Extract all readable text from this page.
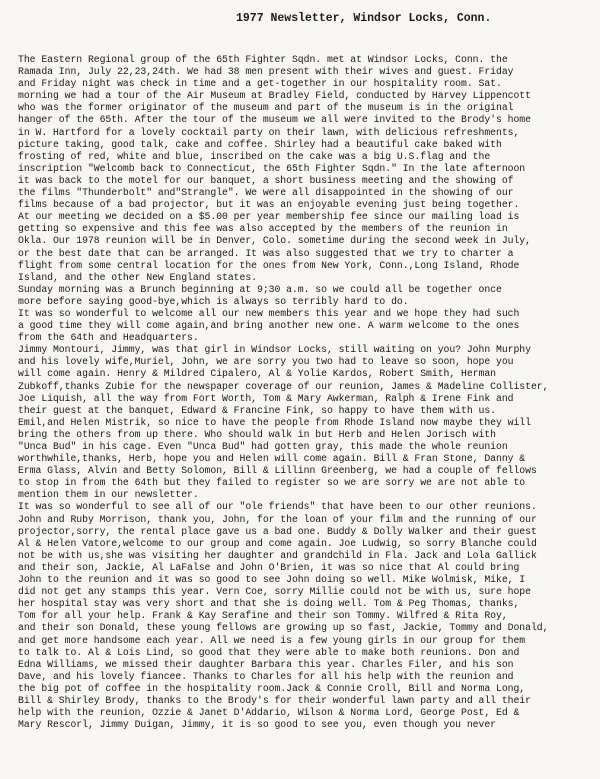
1977 Newsletter, Windsor Locks, Conn.
The Eastern Regional group of the 65th Fighter Sqdn. met at Windsor Locks, Conn. the
Ramada Inn, July 22,23,24th. We had 38 men present with their wives and guest. Friday
and Friday night was check in time and a get-together in our hospitality room. Sat.
morning we had a tour of the Air Museum at Bradley Field, conducted by Harvey Lippencott
who was the former originator of the museum and part of the museum is in the original
hanger of the 65th. After the tour of the museum we all were invited to the Brody's home
in W. Hartford for a lovely cocktail party on their lawn, with delicious refreshments,
picture taking, good talk, cake and coffee. Shirley had a beautiful cake baked with
frosting of red, white and blue, inscribed on the cake was a big U.S.flag and the
inscription "Welcomb back to Connecticut, the 65th Fighter Sqdn." In the late afternoon
it was back to the motel for our banquet, a short business meeting and the showing of
the films "Thunderbolt" and"Strangle". We were all disappointed in the showing of our
films because of a bad projector, but it was an enjoyable evening just being together.
At our meeting we decided on a $5.00 per year membership fee since our mailing load is
getting so expensive and this fee was also accepted by the members of the reunion in
Okla. Our 1978 reunion will be in Denver, Colo. sometime during the second week in July,
or the best date that can be arranged. It was also suggested that we try to charter a
flight from some central location for the ones from New York, Conn.,Long Island, Rhode
Island, and the other New England states.
Sunday morning was a Brunch beginning at 9;30 a.m. so we could all be together once
more before saying good-bye,which is always so terribly hard to do.
It was so wonderful to welcome all our new members this year and we hope they had such
a good time they will come again,and bring another new one. A warm welcome to the ones
from the 64th and Headquarters.
Jimmy Montouri, Jimmy, was that girl in Windsor Locks, still waiting on you? John Murphy
and his lovely wife,Muriel, John, we are sorry you two had to leave so soon, hope you
will come again. Henry & Mildred Cipalero, Al & Yolie Kardos, Robert Smith, Herman
Zubkoff,thanks Zubie for the newspaper coverage of our reunion, James & Madeline Collister,
Joe Liquish, all the way from Fort Worth, Tom & Mary Awkerman, Ralph & Irene Fink and
their guest at the banquet, Edward & Francine Fink, so happy to have them with us.
Emil,and Helen Mistrik, so nice to have the people from Rhode Island now maybe they will
bring the others from up there. Who should walk in but Herb and Helen Jorisch with
"Unca Bud" in his cage. Even "Unca Bud" had gotten gray, this made the whole reunion
worthwhile,thanks, Herb, hope you and Helen will come again. Bill & Fran Stone, Danny &
Erma Glass, Alvin and Betty Solomon, Bill & Lillinn Greenberg, we had a couple of fellows
to stop in from the 64th but they failed to register so we are sorry we are not able to
mention them in our newsletter.
It was so wonderful to see all of our "ole friends" that have been to our other reunions.
John and Ruby Morrison, thank you, John, for the loan of your film and the running of our
projector,sorry, the rental place gave us a bad one. Buddy & Dolly Walker and their guest
Al & Helen Vatore,welcome to our group and come again. Joe Ludwig, so sorry Blanche could
not be with us,she was visiting her daughter and grandchild in Fla. Jack and Lola Gallick
and their son, Jackie, Al LaFalse and John O'Brien, it was so nice that Al could bring
John to the reunion and it was so good to see John doing so well. Mike Wolmisk, Mike, I
did not get any stamps this year. Vern Coe, sorry Millie could not be with us, sure hope
her hospital stay was very short and that she is doing well. Tom & Peg Thomas, thanks,
Tom for all your help. Frank & Kay Serafine and their son Tommy. Wilfred & Rita Roy,
and their son Donald, these young fellows are growing up so fast, Jackie, Tommy and Donald,
and get more handsome each year. All we need is a few young girls in our group for them
to talk to. Al & Lois Lind, so good that they were able to make both reunions. Don and
Edna Williams, we missed their daughter Barbara this year. Charles Filer, and his son
Dave, and his lovely fiancee. Thanks to Charles for all his help with the reunion and
the big pot of coffee in the hospitality room.Jack & Connie Croll, Bill and Norma Long,
Bill & Shirley Brody, thanks to the Brody's for their wonderful lawn party and all their
help with the reunion, Ozzie & Janet D'Addario, Wilson & Norma Lord, George Post, Ed &
Mary Rescorl, Jimmy Duigan, Jimmy, it is so good to see you, even though you never
